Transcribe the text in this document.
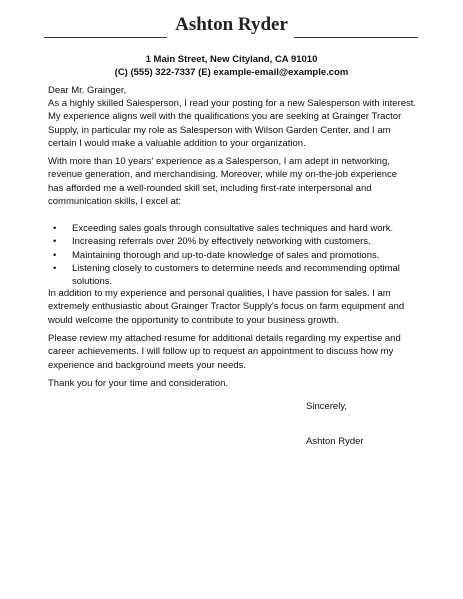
Ashton Ryder
1 Main Street, New Cityland, CA 91010
(C) (555) 322-7337 (E) example-email@example.com

Dear Mr. Grainger,

As a highly skilled Salesperson, I read your posting for a new Salesperson with interest.

My experience aligns well with the qualifications you are seeking at Grainger Tractor

Supply, in particular my role as Salesperson with Wilson Garden Center, and I am

certain I would make a valuable addition to your organization.

With more than 10 years' experience as a Salesperson, I am adept in networking,

revenue generation, and merchandising. Moreover, while my on-the-job experience

has afforded me a well-rounded skill set, including first-rate interpersonal and

communication skills, I excel at:

• Exceeding sales goals through consultative sales techniques and hard work.
• Increasing referrals over 20% by effectively networking with customers.
• Maintaining thorough and up-to-date knowledge of sales and promotions.
• Listening closely to customers to determine needs and recommending optimal
solutions.

In addition to my experience and personal qualities, I have passion for sales. I am

extremely enthusiastic about Grainger Tractor Supply's focus on farm equipment and

would welcome the opportunity to contribute to your business growth.

Please review my attached resume for additional details regarding my expertise and

career achievements. I will follow up to request an appointment to discuss how my

experience and background meets your needs.

Thank you for your time and consideration.

Sincerely,
Ashton Ryder
